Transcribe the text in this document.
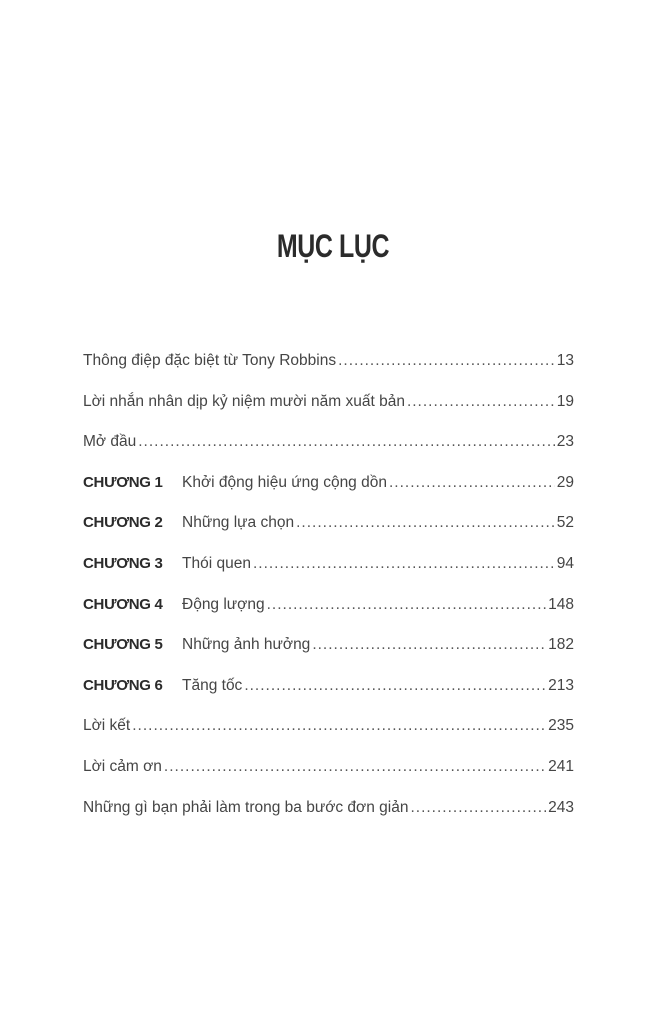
MỤC LỤC
Thông điệp đặc biệt từ Tony Robbins .....	13
Lời nhắn nhân dịp kỷ niệm mười năm xuất bản .....	19
Mở đầu .....	23
CHƯƠNG 1	Khởi động hiệu ứng cộng dồn .....	29
CHƯƠNG 2	Những lựa chọn .....	52
CHƯƠNG 3	Thói quen .....	94
CHƯƠNG 4	Động lượng .....	148
CHƯƠNG 5	Những ảnh hưởng .....	182
CHƯƠNG 6	Tăng tốc .....	213
Lời kết .....	235
Lời cảm ơn .....	241
Những gì bạn phải làm trong ba bước đơn giản .....	243
